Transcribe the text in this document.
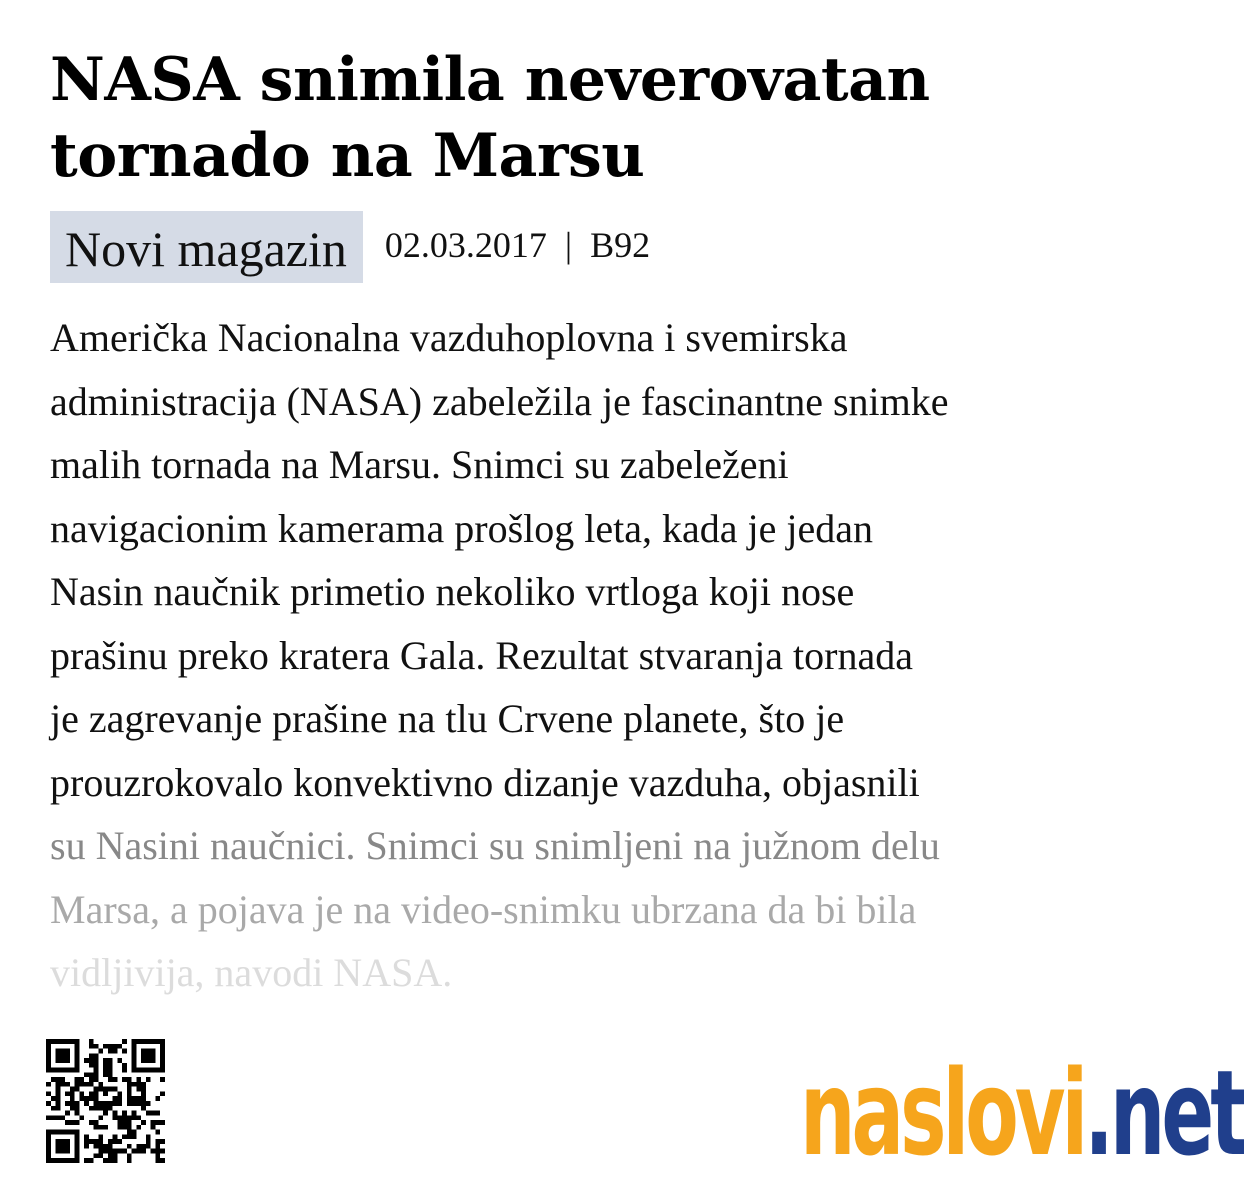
NASA snimila neverovatan tornado na Marsu
Novi magazin	02.03.2017 | B92
Američka Nacionalna vazduhoplovna i svemirska
administracija (NASA) zabeležila je fascinantne snimke
malih tornada na Marsu. Snimci su zabeleženi
navigacionim kamerama prošlog leta, kada je jedan
Nasin naučnik primetio nekoliko vrtloga koji nose
prašinu preko kratera Gala. Rezultat stvaranja tornada
je zagrevanje prašine na tlu Crvene planete, što je
prouzrokovalo konvektivno dizanje vazduha, objasnili
su Nasini naučnici. Snimci su snimljeni na južnom delu
Marsa, a pojava je na video-snimku ubrzana da bi bila
vidljivija, navodi NASA.
naslovi.net
